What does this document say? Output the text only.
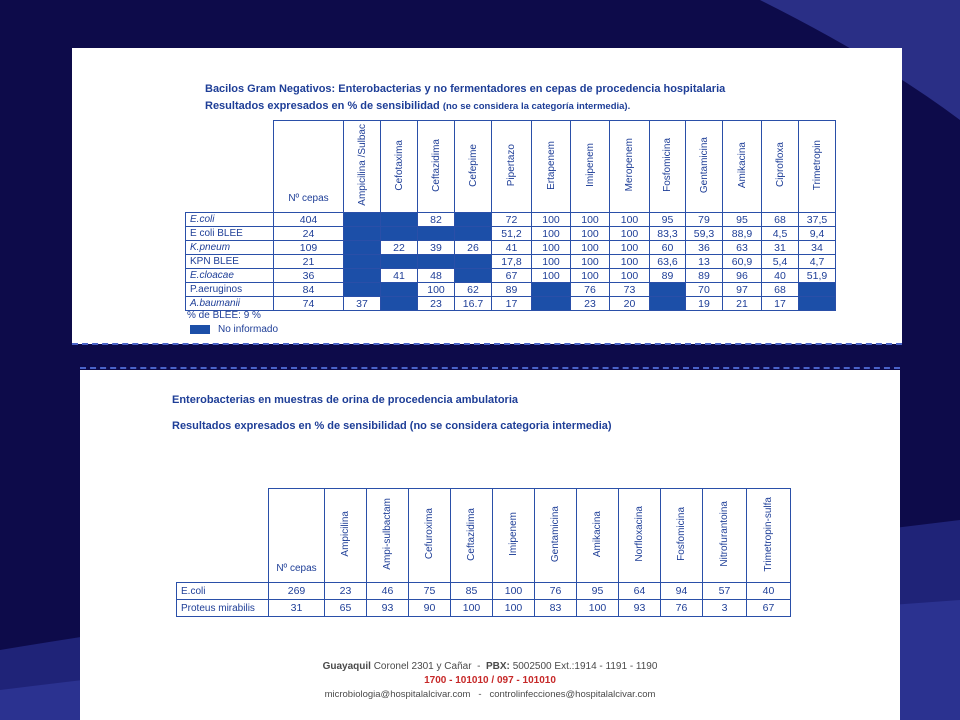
Bacilos Gram Negativos: Enterobacterias y no fermentadores en cepas de procedencia hospitalaria

Resultados expresados en % de sensibilidad (no se considera la categoría intermedia).

	Nº cepas	Ampicilina /Sulbac	Cefotaxima	Ceftazidima	Cefepime	Pipertazo	Ertapenem	Imipenem	Meropenem	Fosfomicina	Gentamicina	Amikacina	Ciprofloxa	Trimetropin
E.coli	404			82		72	100	100	100	95	79	95	68	37,5
E coli BLEE	24					51,2	100	100	100	83,3	59,3	88,9	4,5	9,4
K.pneum	109		22	39	26	41	100	100	100	60	36	63	31	34
KPN BLEE	21					17,8	100	100	100	63,6	13	60,9	5,4	4,7
E.cloacae	36		41	48		67	100	100	100	89	89	96	40	51,9
P.aeruginos	84			100	62	89		76	73		70	97	68	
A.baumanii	74	37		23	16.7	17		23	20		19	21	17	
% de BLEE: 9 %
No informado

Enterobacterias en muestras de orina de procedencia ambulatoria

Resultados expresados en % de sensibilidad (no se considera categoria intermedia)

	Nº cepas	Ampicilina	Ampi-sulbactam	Cefuroxima	Ceftazidima	Imipenem	Gentamicina	Amikacina	Norfloxacina	Fosfomicina	Nitrofurantoina	Trimetropin-sulfa
E.coli	269	23	46	75	85	100	76	95	64	94	57	40
Proteus mirabilis	31	65	93	90	100	100	83	100	93	76	3	67
Guayaquil Coronel 2301 y Cañar  -  PBX: 5002500 Ext.:1914 - 1191 - 1190
1700 - 101010 / 097 - 101010
microbiologia@hospitalalcivar.com   -   controlinfecciones@hospitalalcivar.com
